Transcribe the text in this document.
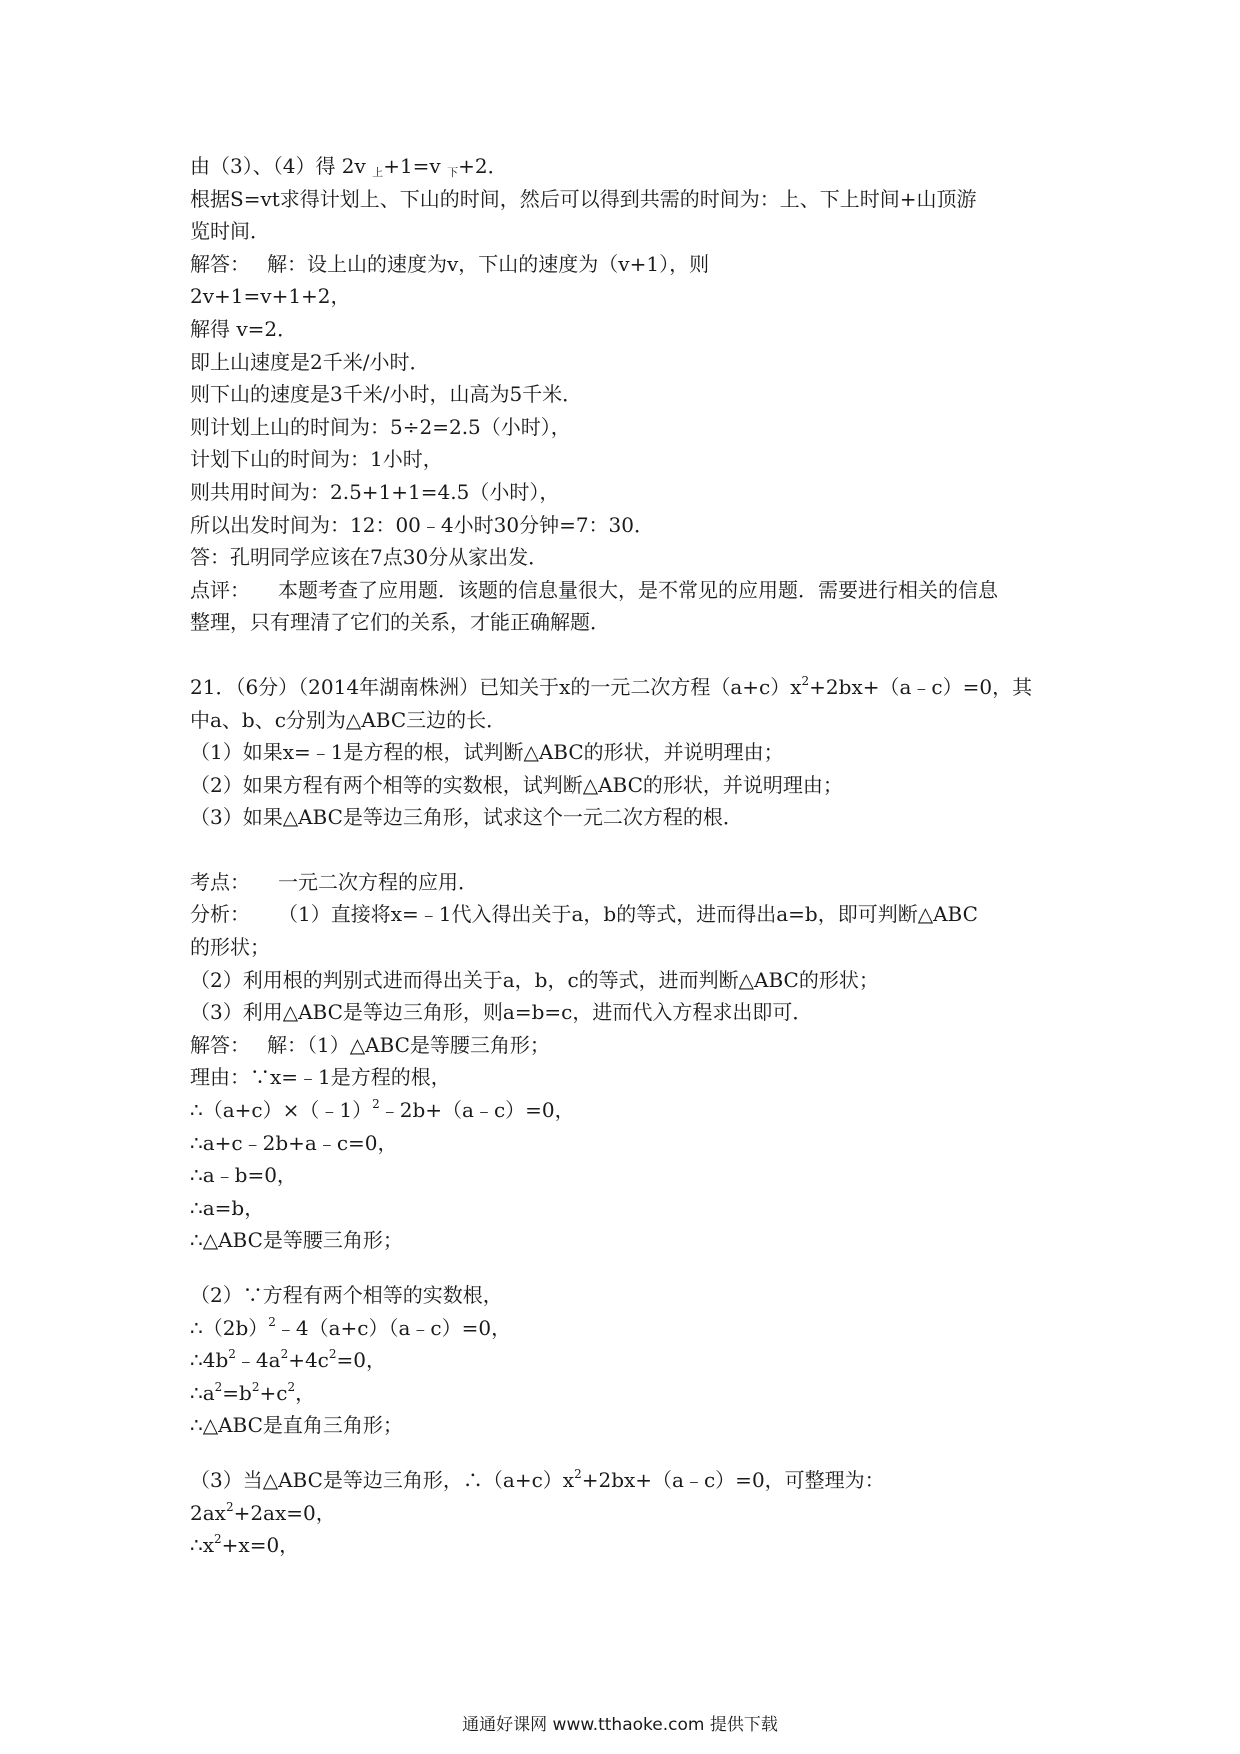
由（3）、（4）得 2v $_上$+1=v $_下$+2．
根据S=vt求得计划上、下山的时间，然后可以得到共需的时间为：上、下上时间+山顶游
览时间．
解答： 解：设上山的速度为v，下山的速度为（v+1），则
2v+1=v+1+2，
解得 v=2．
即上山速度是2千米/小时．
则下山的速度是3千米/小时，山高为5千米．
则计划上山的时间为：5÷2=2.5（小时），
计划下山的时间为：1小时，
则共用时间为：2.5+1+1=4.5（小时），
所以出发时间为：12：00﹣4小时30分钟=7：30．
答：孔明同学应该在7点30分从家出发．
点评： 本题考查了应用题．该题的信息量很大，是不常见的应用题．需要进行相关的信息
整理，只有理清了它们的关系，才能正确解题．
21．（6分）（2014年湖南株洲）已知关于x的一元二次方程$(a+c)x^2+2bx+(a﹣c)=0$，其
中a、b、c分别为△ABC三边的长．
（1）如果x=﹣1是方程的根，试判断△ABC的形状，并说明理由；
（2）如果方程有两个相等的实数根，试判断△ABC的形状，并说明理由；
（3）如果△ABC是等边三角形，试求这个一元二次方程的根．
考点： 一元二次方程的应用．
分析： （1）直接将x=﹣1代入得出关于a，b的等式，进而得出a=b，即可判断△ABC
的形状；
（2）利用根的判别式进而得出关于a，b，c的等式，进而判断△ABC的形状；
（3）利用△ABC是等边三角形，则a=b=c，进而代入方程求出即可．
解答： 解：（1）△ABC是等腰三角形；
理由：∵x=﹣1是方程的根，
∴（a+c）×（﹣1）$^2$﹣2b+（a﹣c）=0，
∴a+c﹣2b+a﹣c=0，
∴a﹣b=0，
∴a=b，
∴△ABC是等腰三角形；
（2）∵方程有两个相等的实数根，
$\therefore(2b)^2﹣4(a+c)(a﹣c)=0$，
$\therefore 4b^2﹣4a^2+4c^2=0$，
$\therefore a^2=b^2+c^2$，
∴△ABC是直角三角形；
（3）当△ABC是等边三角形，$\therefore(a+c)x^2+2bx+(a﹣c)=0$，可整理为：
$2ax^2+2ax=0$，
$\therefore x^2+x=0$，
通通好课网 www.tthaoke.com 提供下载
